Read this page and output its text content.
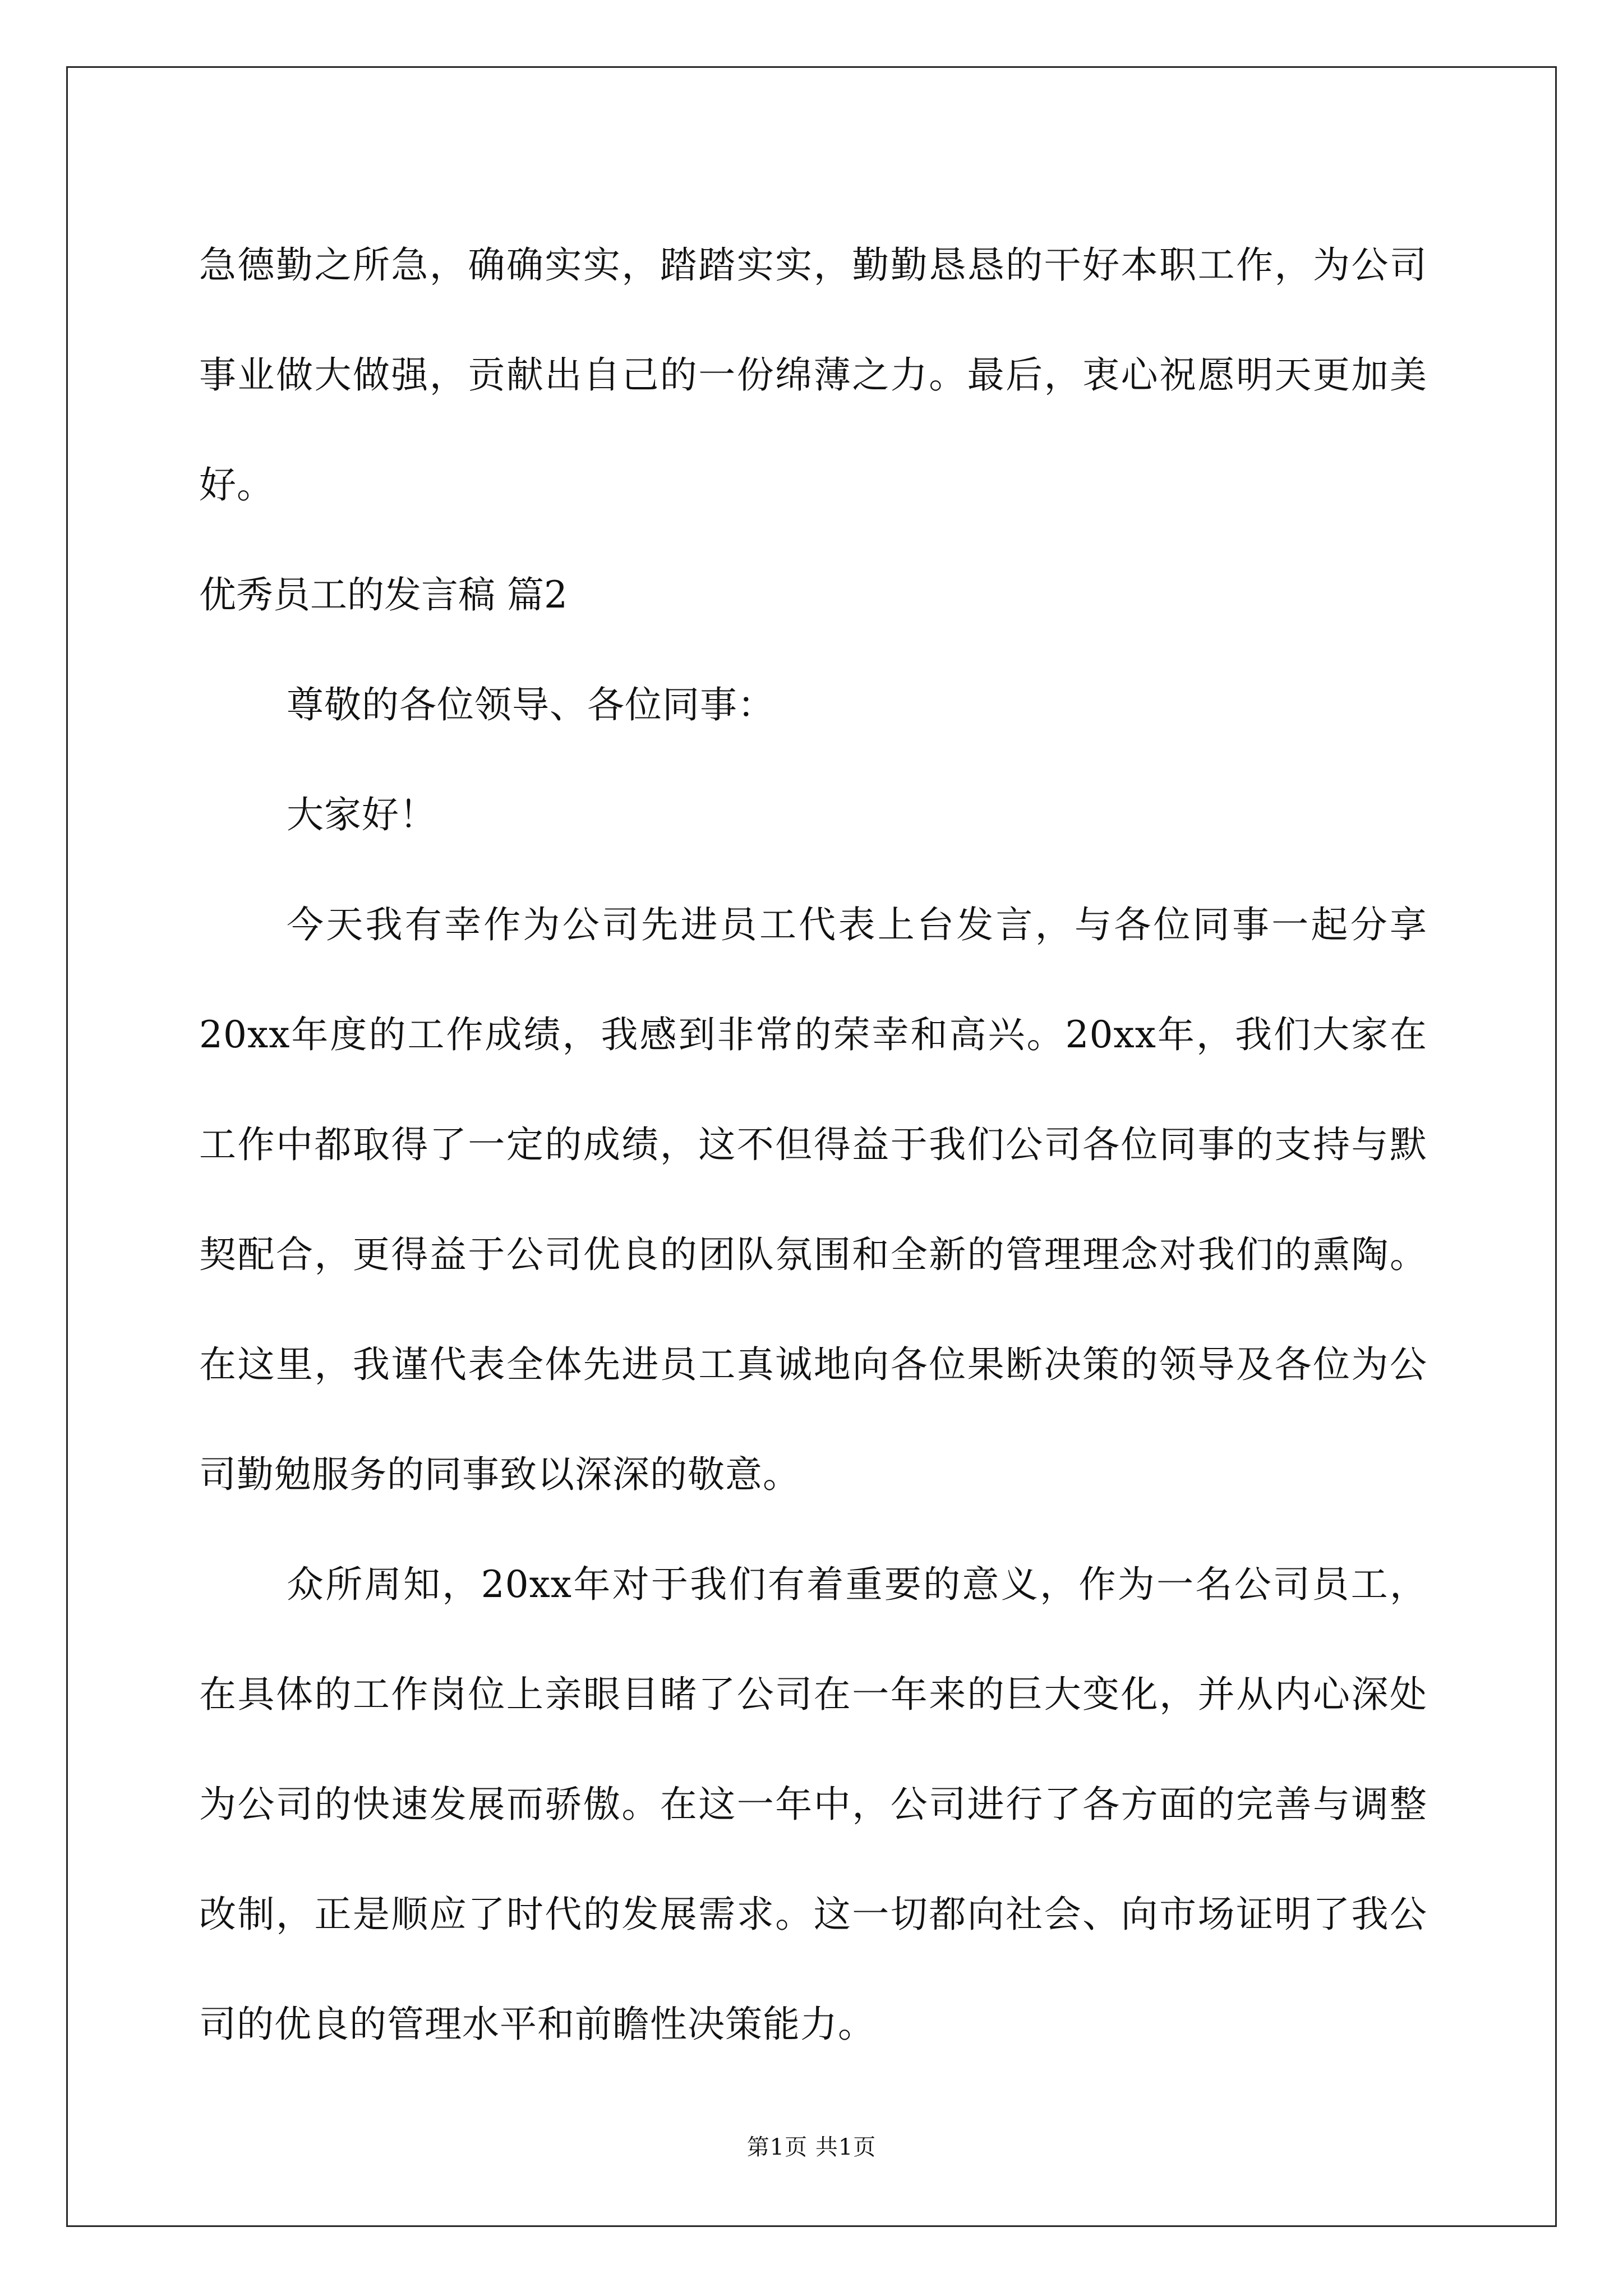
急德勤之所急，确确实实，踏踏实实，勤勤恳恳的干好本职工作，为公司事业做大做强，贡献出自己的一份绵薄之力。最后，衷心祝愿明天更加美好。

优秀员工的发言稿 篇2

尊敬的各位领导、各位同事：

大家好！

今天我有幸作为公司先进员工代表上台发言，与各位同事一起分享20xx年度的工作成绩，我感到非常的荣幸和高兴。20xx年，我们大家在工作中都取得了一定的成绩，这不但得益于我们公司各位同事的支持与默契配合，更得益于公司优良的团队氛围和全新的管理理念对我们的熏陶。在这里，我谨代表全体先进员工真诚地向各位果断决策的领导及各位为公司勤勉服务的同事致以深深的敬意。

众所周知，20xx年对于我们有着重要的意义，作为一名公司员工，在具体的工作岗位上亲眼目睹了公司在一年来的巨大变化，并从内心深处为公司的快速发展而骄傲。在这一年中，公司进行了各方面的完善与调整改制，正是顺应了时代的发展需求。这一切都向社会、向市场证明了我公司的优良的管理水平和前瞻性决策能力。

第1页 共1页
